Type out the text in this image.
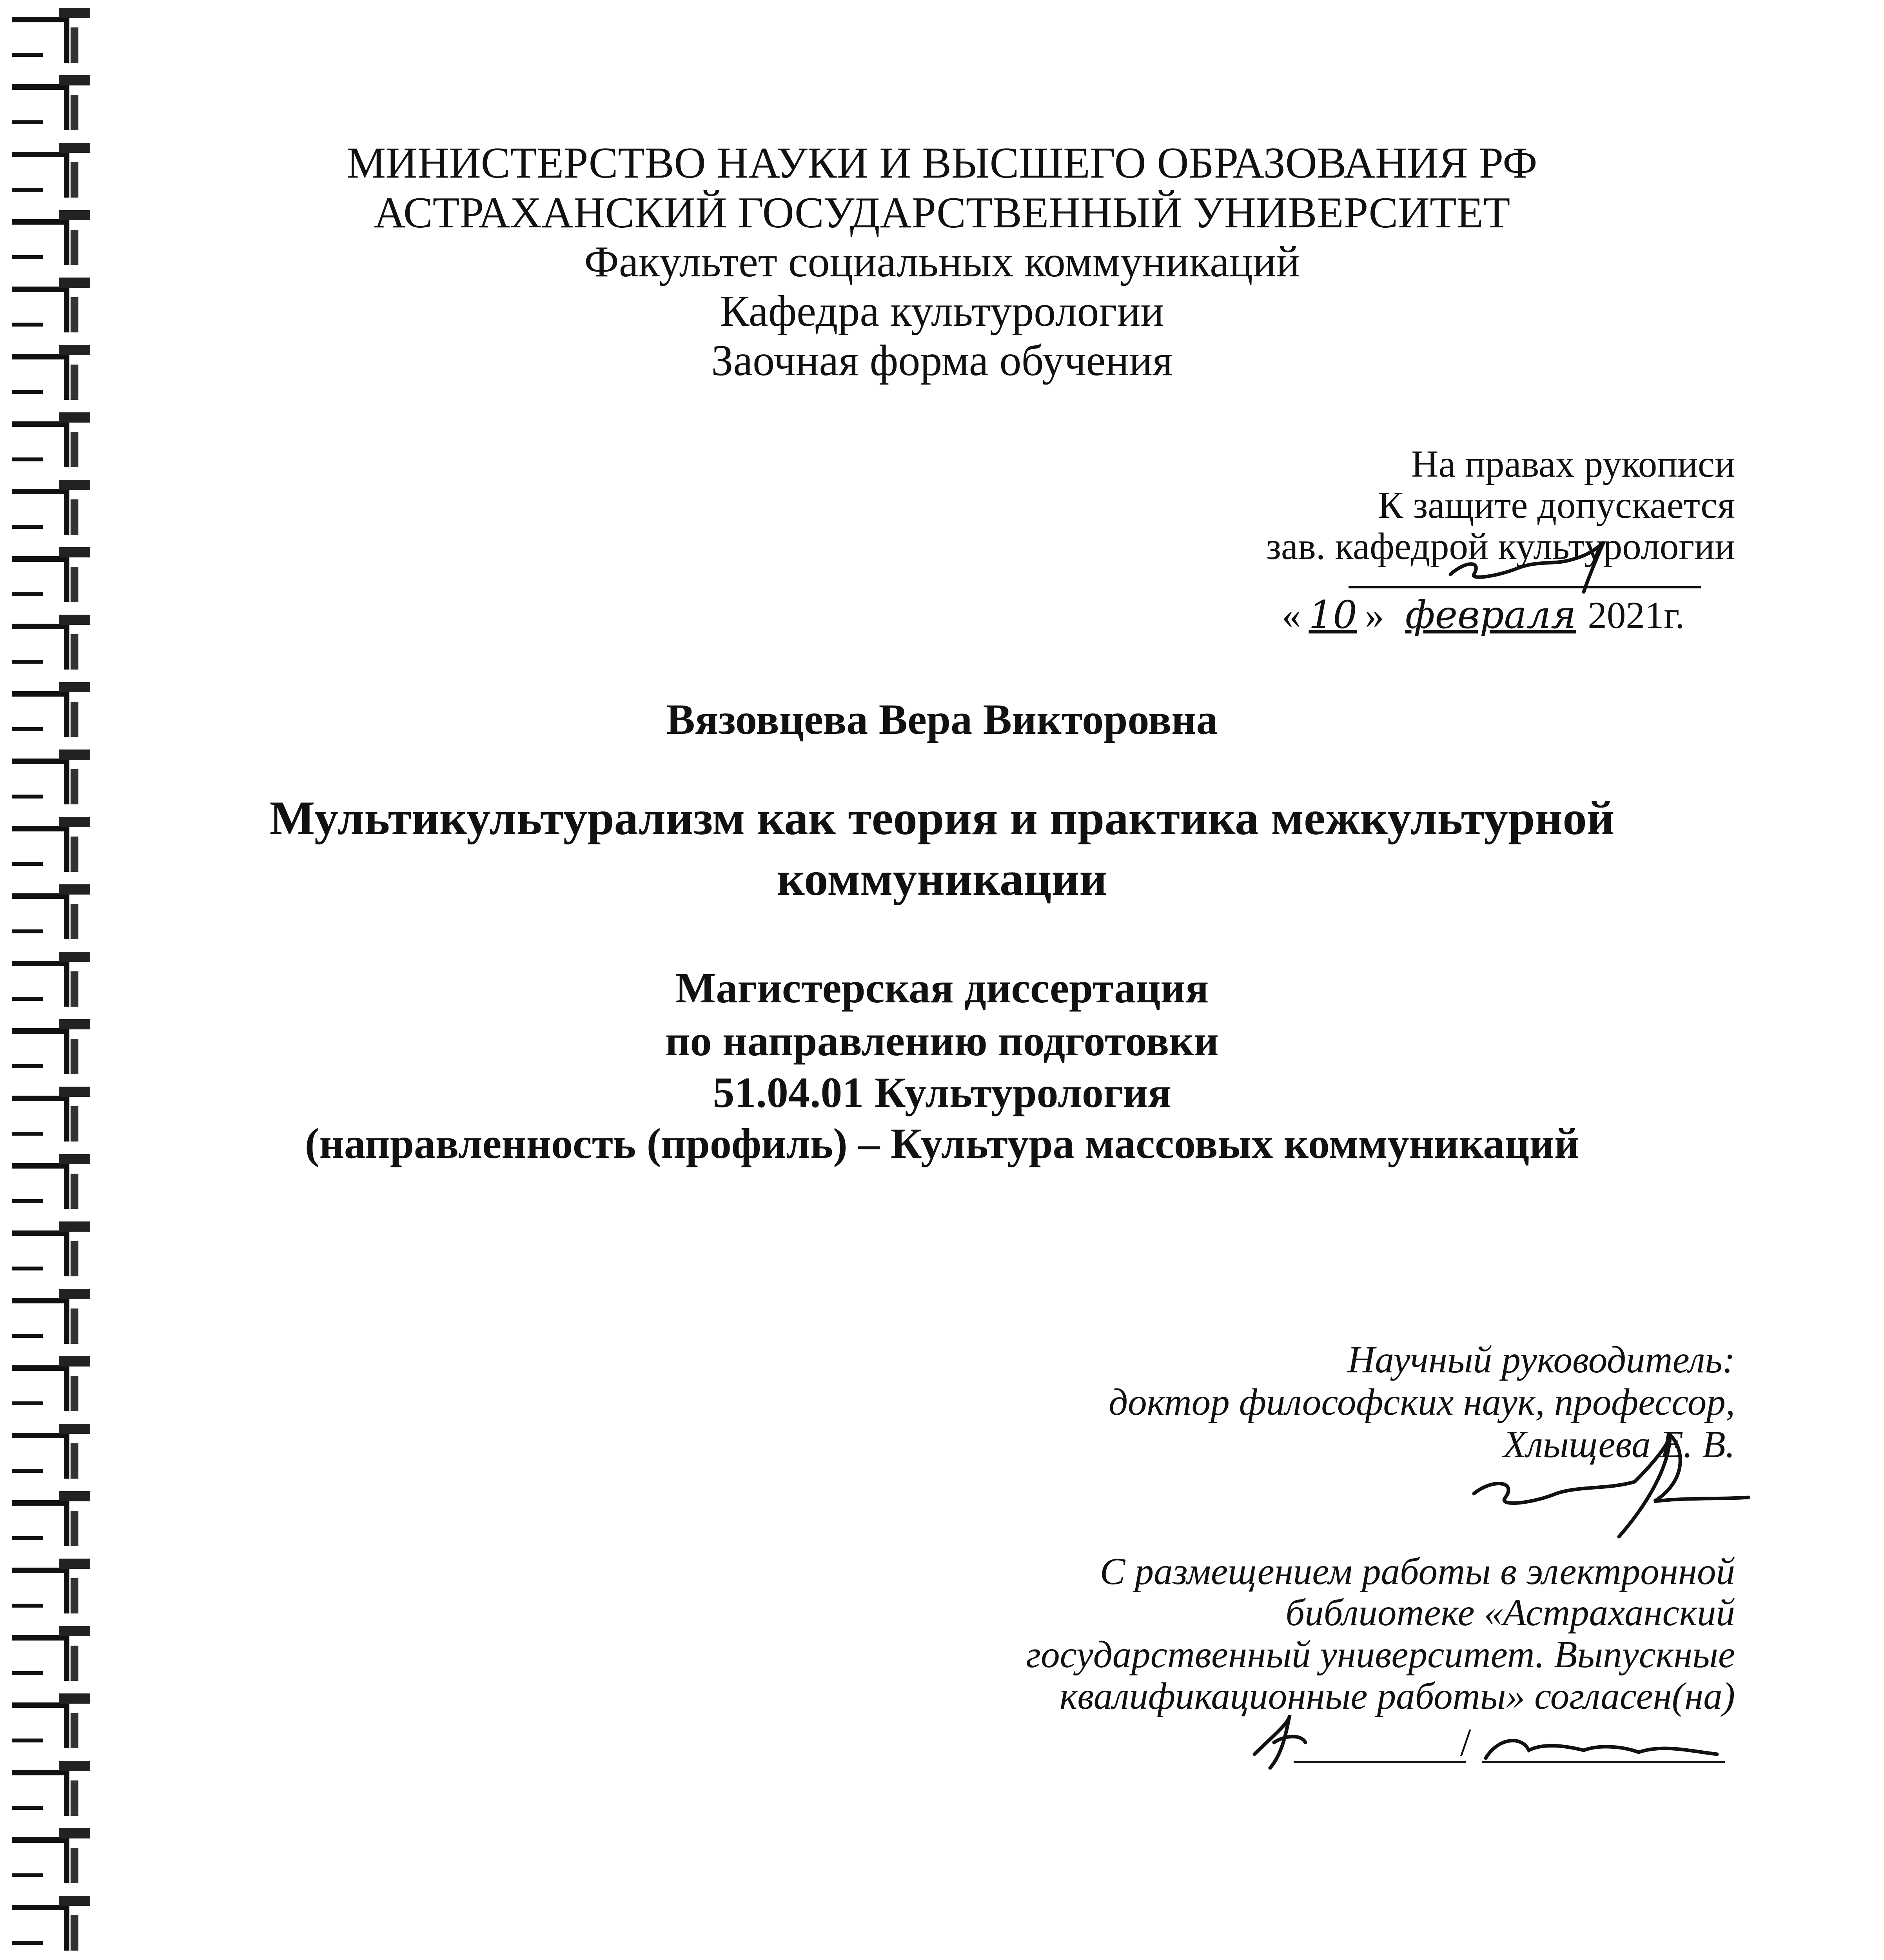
МИНИСТЕРСТВО НАУКИ И ВЫСШЕГО ОБРАЗОВАНИЯ РФ
АСТРАХАНСКИЙ ГОСУДАРСТВЕННЫЙ УНИВЕРСИТЕТ
Факультет социальных коммуникаций
Кафедра культурологии
Заочная форма обучения
На правах рукописи
К защите допускается
зав. кафедрой культурологии
« 10 » февраля 2021г.
Вязовцева Вера Викторовна
Мультикультурализм как теория и практика межкультурной
коммуникации
Магистерская диссертация
по направлению подготовки
51.04.01 Культурология
(направленность (профиль) – Культура массовых коммуникаций
Научный руководитель:
доктор философских наук, профессор,
Хлыщева Е. В.
С размещением работы в электронной
библиотеке «Астраханский
государственный университет. Выпускные
квалификационные работы» согласен(на)
/
